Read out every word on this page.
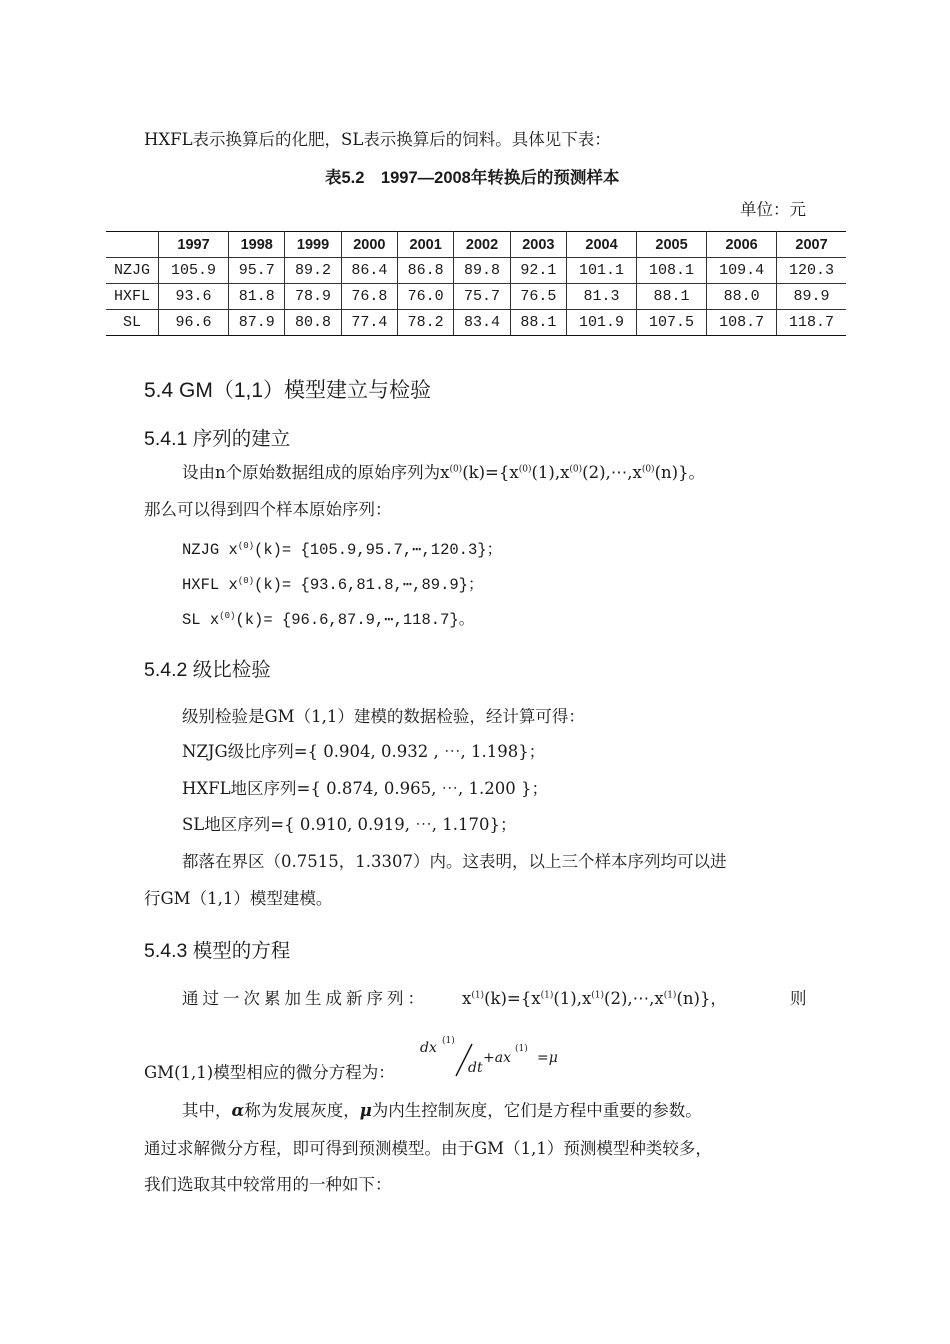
HXFL表示换算后的化肥，SL表示换算后的饲料。具体见下表：
表5.2　1997—2008年转换后的预测样本
单位：元
	1997	1998	1999	2000	2001	2002	2003	2004	2005	2006	2007
NZJG	105.9	95.7	89.2	86.4	86.8	89.8	92.1	101.1	108.1	109.4	120.3
HXFL	93.6	81.8	78.9	76.8	76.0	75.7	76.5	81.3	88.1	88.0	89.9
SL	96.6	87.9	80.8	77.4	78.2	83.4	88.1	101.9	107.5	108.7	118.7
5.4 GM（1,1）模型建立与检验
5.4.1 序列的建立
设由n个原始数据组成的原始序列为$x^{(0)}(k)=\{x^{(0)}(1),x^{(0)}(2),\cdots,x^{(0)}(n)\}$。
那么可以得到四个样本原始序列：
NZJG $x^{(0)}(k)=$ {105.9,95.7,⋯,120.3}；
HXFL $x^{(0)}(k)=$ {93.6,81.8,⋯,89.9}；
SL $x^{(0)}(k)=$ {96.6,87.9,⋯,118.7}。
5.4.2 级比检验
级别检验是GM（1,1）建模的数据检验，经计算可得：
NZJG级比序列={ 0.904, 0.932 , ⋯, 1.198}；
HXFL地区序列={ 0.874, 0.965, ⋯, 1.200 }；
SL地区序列={ 0.910, 0.919, ⋯, 1.170}；
都落在界区（0.7515，1.3307）内。这表明，以上三个样本序列均可以进
行GM（1,1）模型建模。
5.4.3 模型的方程
通过一次累加生成新序列： $x^{(1)}(k)=\{x^{(1)}(1),x^{(1)}(2),\cdots,x^{(1)}(n)\}$，	则
GM(1,1)模型相应的微分方程为：
dx (1)
dt
+ax
(1)
=μ
其中，α称为发展灰度，μ为内生控制灰度，它们是方程中重要的参数。
通过求解微分方程，即可得到预测模型。由于GM（1,1）预测模型种类较多，
我们选取其中较常用的一种如下：
